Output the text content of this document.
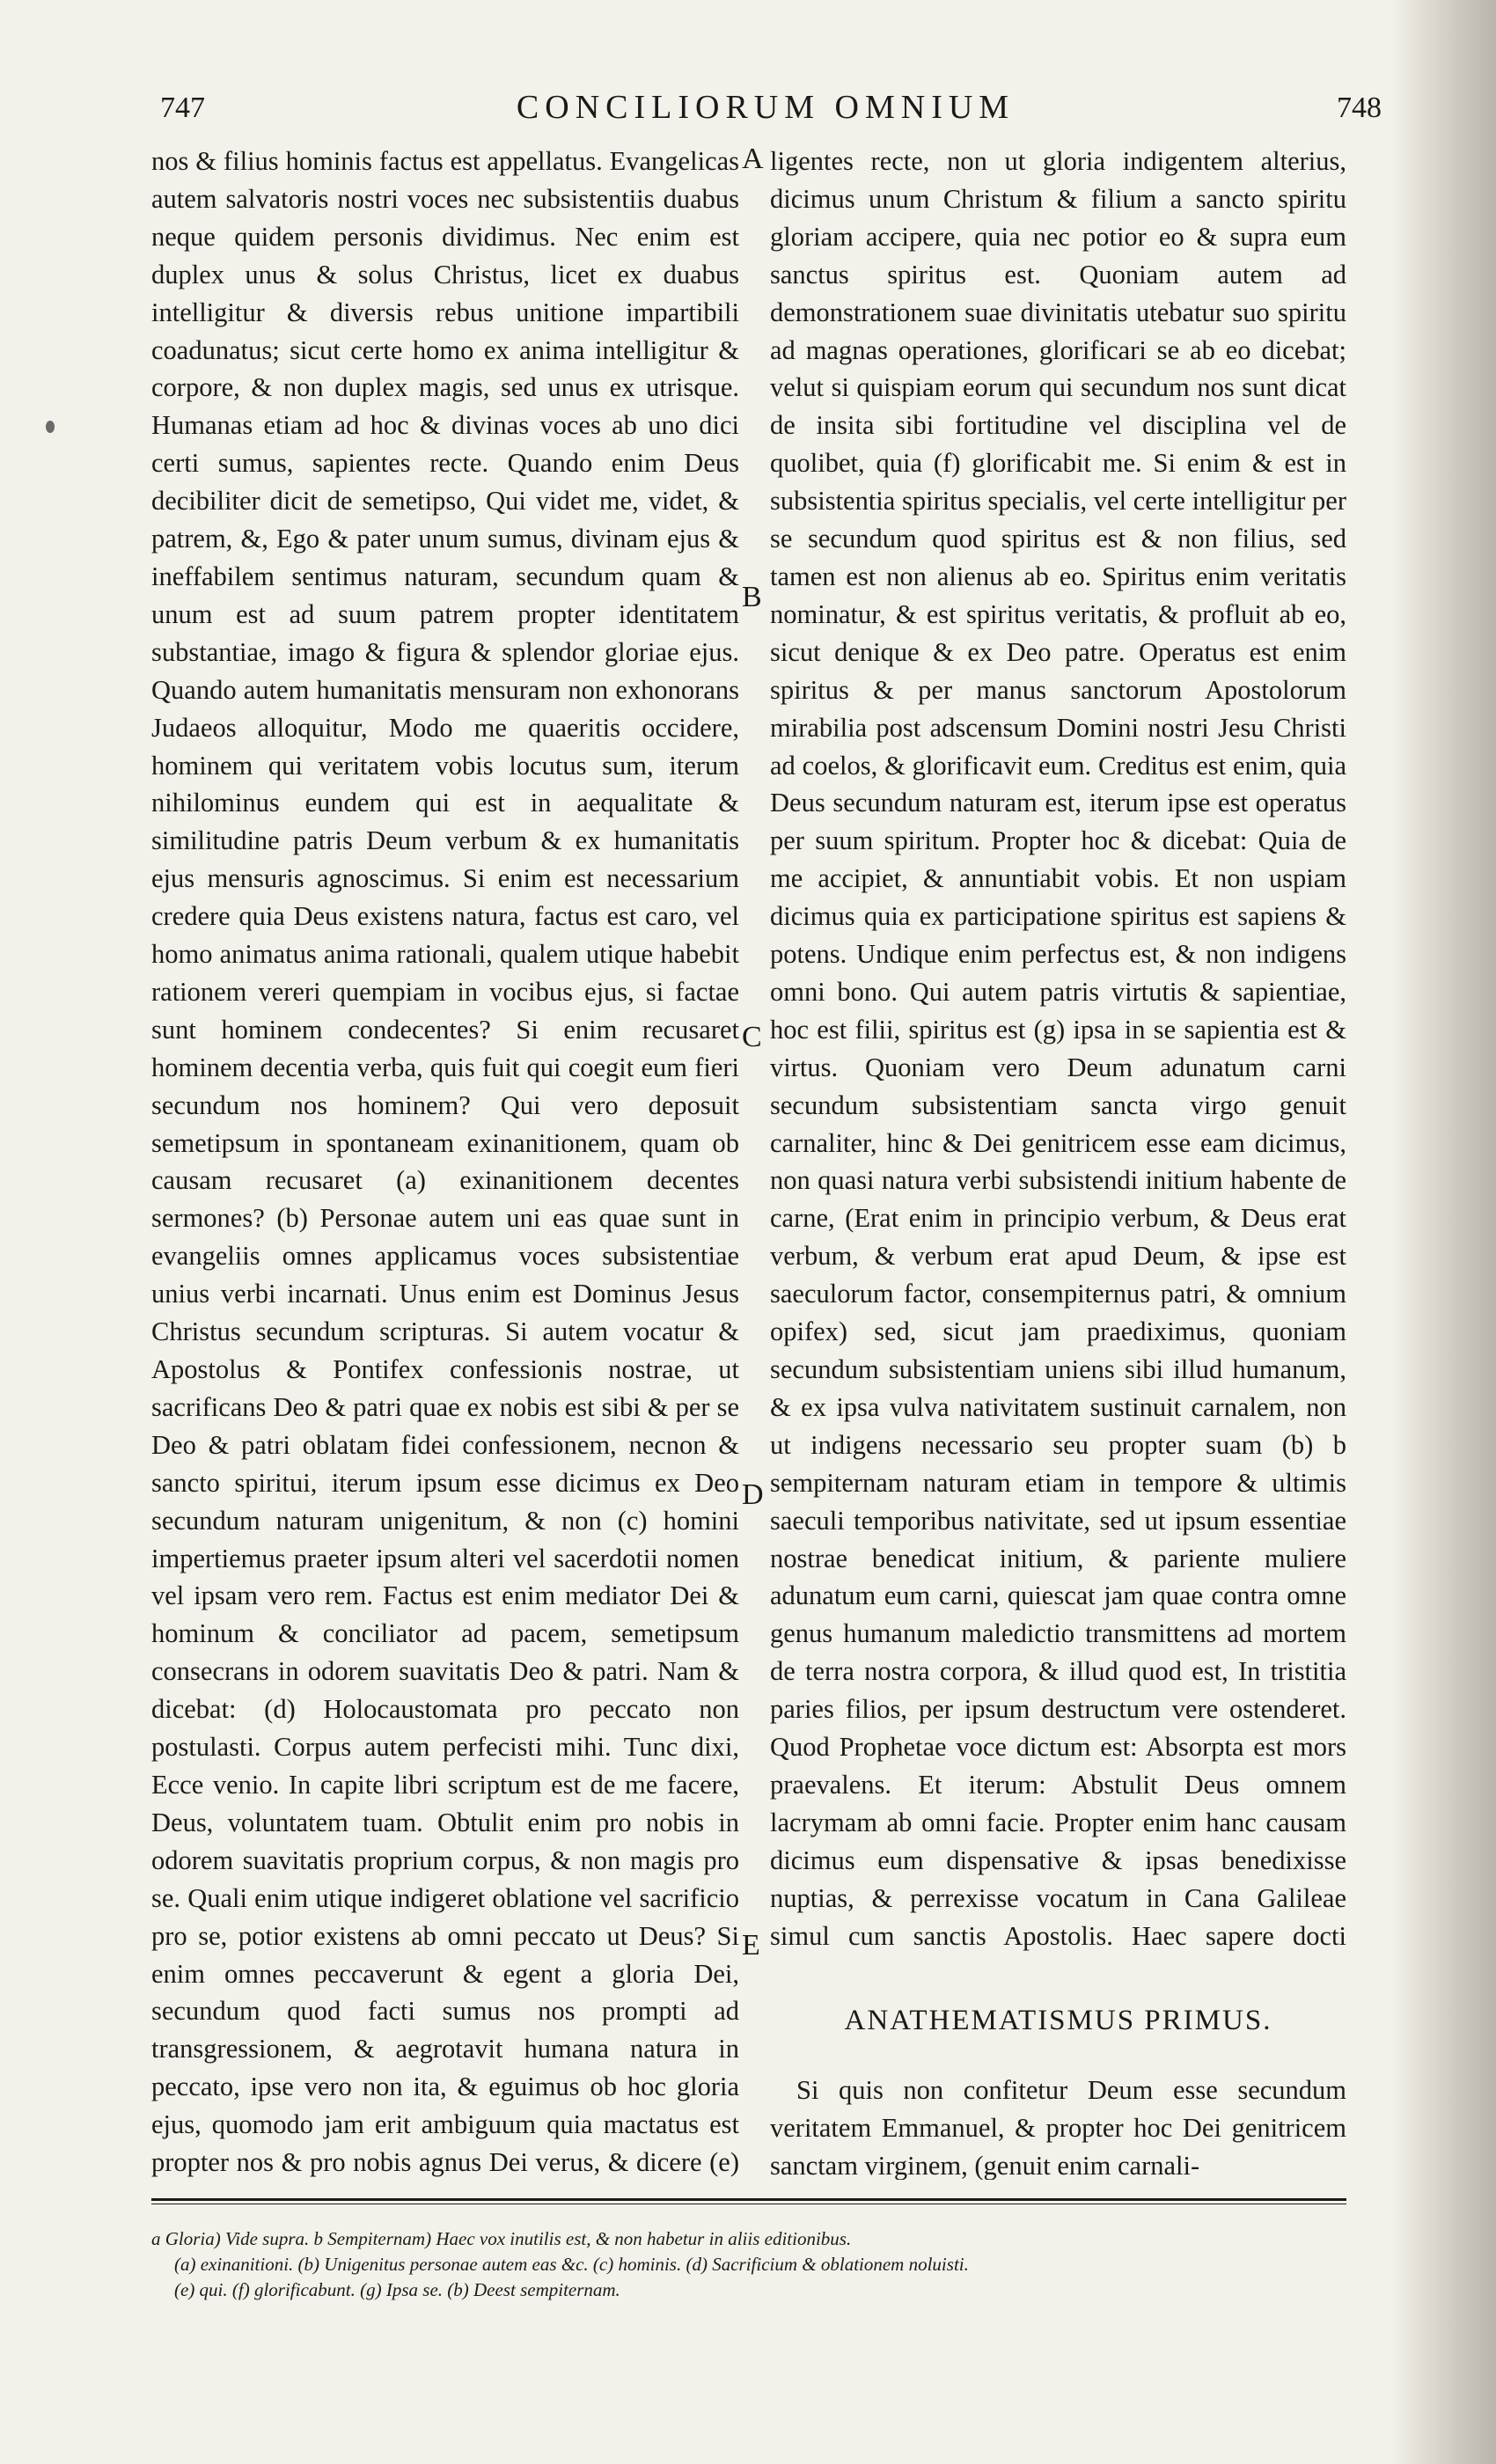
747	CONCILIORUM OMNIUM	748

nos & filius hominis factus est appellatus. Evangelicas autem salvatoris nostri voces nec subsistentiis duabus neque quidem personis dividimus. Nec enim est duplex unus & solus Christus, licet ex duabus intelligitur & diversis rebus unitione impartibili coadunatus; sicut certe homo ex anima intelligitur & corpore, & non duplex magis, sed unus ex utrisque. Humanas etiam ad hoc & divinas voces ab uno dici certi sumus, sapientes recte. Quando enim Deus decibiliter dicit de semetipso, Qui videt me, videt, & patrem, &, Ego & pater unum sumus, divinam ejus & ineffabilem sentimus naturam, secundum quam & unum est ad suum patrem propter identitatem substantiae, imago & figura & splendor gloriae ejus. Quando autem humanitatis mensuram non exhonorans Judaeos alloquitur, Modo me quaeritis occidere, hominem qui veritatem vobis locutus sum, iterum nihilominus eundem qui est in aequalitate & similitudine patris Deum verbum & ex humanitatis ejus mensuris agnoscimus. Si enim est necessarium credere quia Deus existens natura, factus est caro, vel homo animatus anima rationali, qualem utique habebit rationem vereri quempiam in vocibus ejus, si factae sunt hominem condecentes? Si enim recusaret hominem decentia verba, quis fuit qui coegit eum fieri secundum nos hominem? Qui vero deposuit semetipsum in spontaneam exinanitionem, quam ob causam recusaret (a) exinanitionem decentes sermones? (b) Personae autem uni eas quae sunt in evangeliis omnes applicamus voces subsistentiae unius verbi incarnati. Unus enim est Dominus Jesus Christus secundum scripturas. Si autem vocatur & Apostolus & Pontifex confessionis nostrae, ut sacrificans Deo & patri quae ex nobis est sibi & per se Deo & patri oblatam fidei confessionem, necnon & sancto spiritui, iterum ipsum esse dicimus ex Deo secundum naturam unigenitum, & non (c) homini impertiemus praeter ipsum alteri vel sacerdotii nomen vel ipsam vero rem. Factus est enim mediator Dei & hominum & conciliator ad pacem, semetipsum consecrans in odorem suavitatis Deo & patri. Nam & dicebat: (d) Holocaustomata pro peccato non postulasti. Corpus autem perfecisti mihi. Tunc dixi, Ecce venio. In capite libri scriptum est de me facere, Deus, voluntatem tuam. Obtulit enim pro nobis in odorem suavitatis proprium corpus, & non magis pro se. Quali enim utique indigeret oblatione vel sacrificio pro se, potior existens ab omni peccato ut Deus? Si enim omnes peccaverunt & egent a gloria Dei, secundum quod facti sumus nos prompti ad transgressionem, & aegrotavit humana natura in peccato, ipse vero non ita, & eguimus ob hoc gloria ejus, quomodo jam erit ambiguum quia mactatus est propter nos & pro nobis agnus Dei verus, & dicere (e)

ligentes recte, non ut gloria indigentem alterius, dicimus unum Christum & filium a sancto spiritu gloriam accipere, quia nec potior eo & supra eum sanctus spiritus est. Quoniam autem ad demonstrationem suae divinitatis utebatur suo spiritu ad magnas operationes, glorificari se ab eo dicebat; velut si quispiam eorum qui secundum nos sunt dicat de insita sibi fortitudine vel disciplina vel de quolibet, quia (f) glorificabit me. Si enim & est in subsistentia spiritus specialis, vel certe intelligitur per se secundum quod spiritus est & non filius, sed tamen est non alienus ab eo. Spiritus enim veritatis nominatur, & est spiritus veritatis, & profluit ab eo, sicut denique & ex Deo patre. Operatus est enim spiritus & per manus sanctorum Apostolorum mirabilia post adscensum Domini nostri Jesu Christi ad coelos, & glorificavit eum. Creditus est enim, quia Deus secundum naturam est, iterum ipse est operatus per suum spiritum. Propter hoc & dicebat: Quia de me accipiet, & annuntiabit vobis. Et non uspiam dicimus quia ex participatione spiritus est sapiens & potens. Undique enim perfectus est, & non indigens omni bono. Qui autem patris virtutis & sapientiae, hoc est filii, spiritus est (g) ipsa in se sapientia est & virtus. Quoniam vero Deum adunatum carni secundum subsistentiam sancta virgo genuit carnaliter, hinc & Dei genitricem esse eam dicimus, non quasi natura verbi subsistendi initium habente de carne, (Erat enim in principio verbum, & Deus erat verbum, & verbum erat apud Deum, & ipse est saeculorum factor, consempiternus patri, & omnium opifex) sed, sicut jam praediximus, quoniam secundum subsistentiam uniens sibi illud humanum, & ex ipsa vulva nativitatem sustinuit carnalem, non ut indigens necessario seu propter suam (b) b sempiternam naturam etiam in tempore & ultimis saeculi temporibus nativitate, sed ut ipsum essentiae nostrae benedicat initium, & pariente muliere adunatum eum carni, quiescat jam quae contra omne genus humanum maledictio transmittens ad mortem de terra nostra corpora, & illud quod est, In tristitia paries filios, per ipsum destructum vere ostenderet. Quod Prophetae voce dictum est: Absorpta est mors praevalens. Et iterum: Abstulit Deus omnem lacrymam ab omni facie. Propter enim hanc causam dicimus eum dispensative & ipsas benedixisse nuptias, & perrexisse vocatum in Cana Galileae simul cum sanctis Apostolis. Haec sapere docti

ANATHEMATISMUS PRIMUS.

Si quis non confitetur Deum esse secundum veritatem Emmanuel, & propter hoc Dei genitricem sanctam virginem, (genuit enim carnali-

A
B
C
D
E

a Gloria) Vide supra. b Sempiternam) Haec vox inutilis est, & non habetur in aliis editionibus.

(a) exinanitioni. (b) Unigenitus personae autem eas &c. (c) hominis. (d) Sacrificium & oblationem noluisti.

(e) qui. (f) glorificabunt. (g) Ipsa se. (b) Deest sempiternam.
